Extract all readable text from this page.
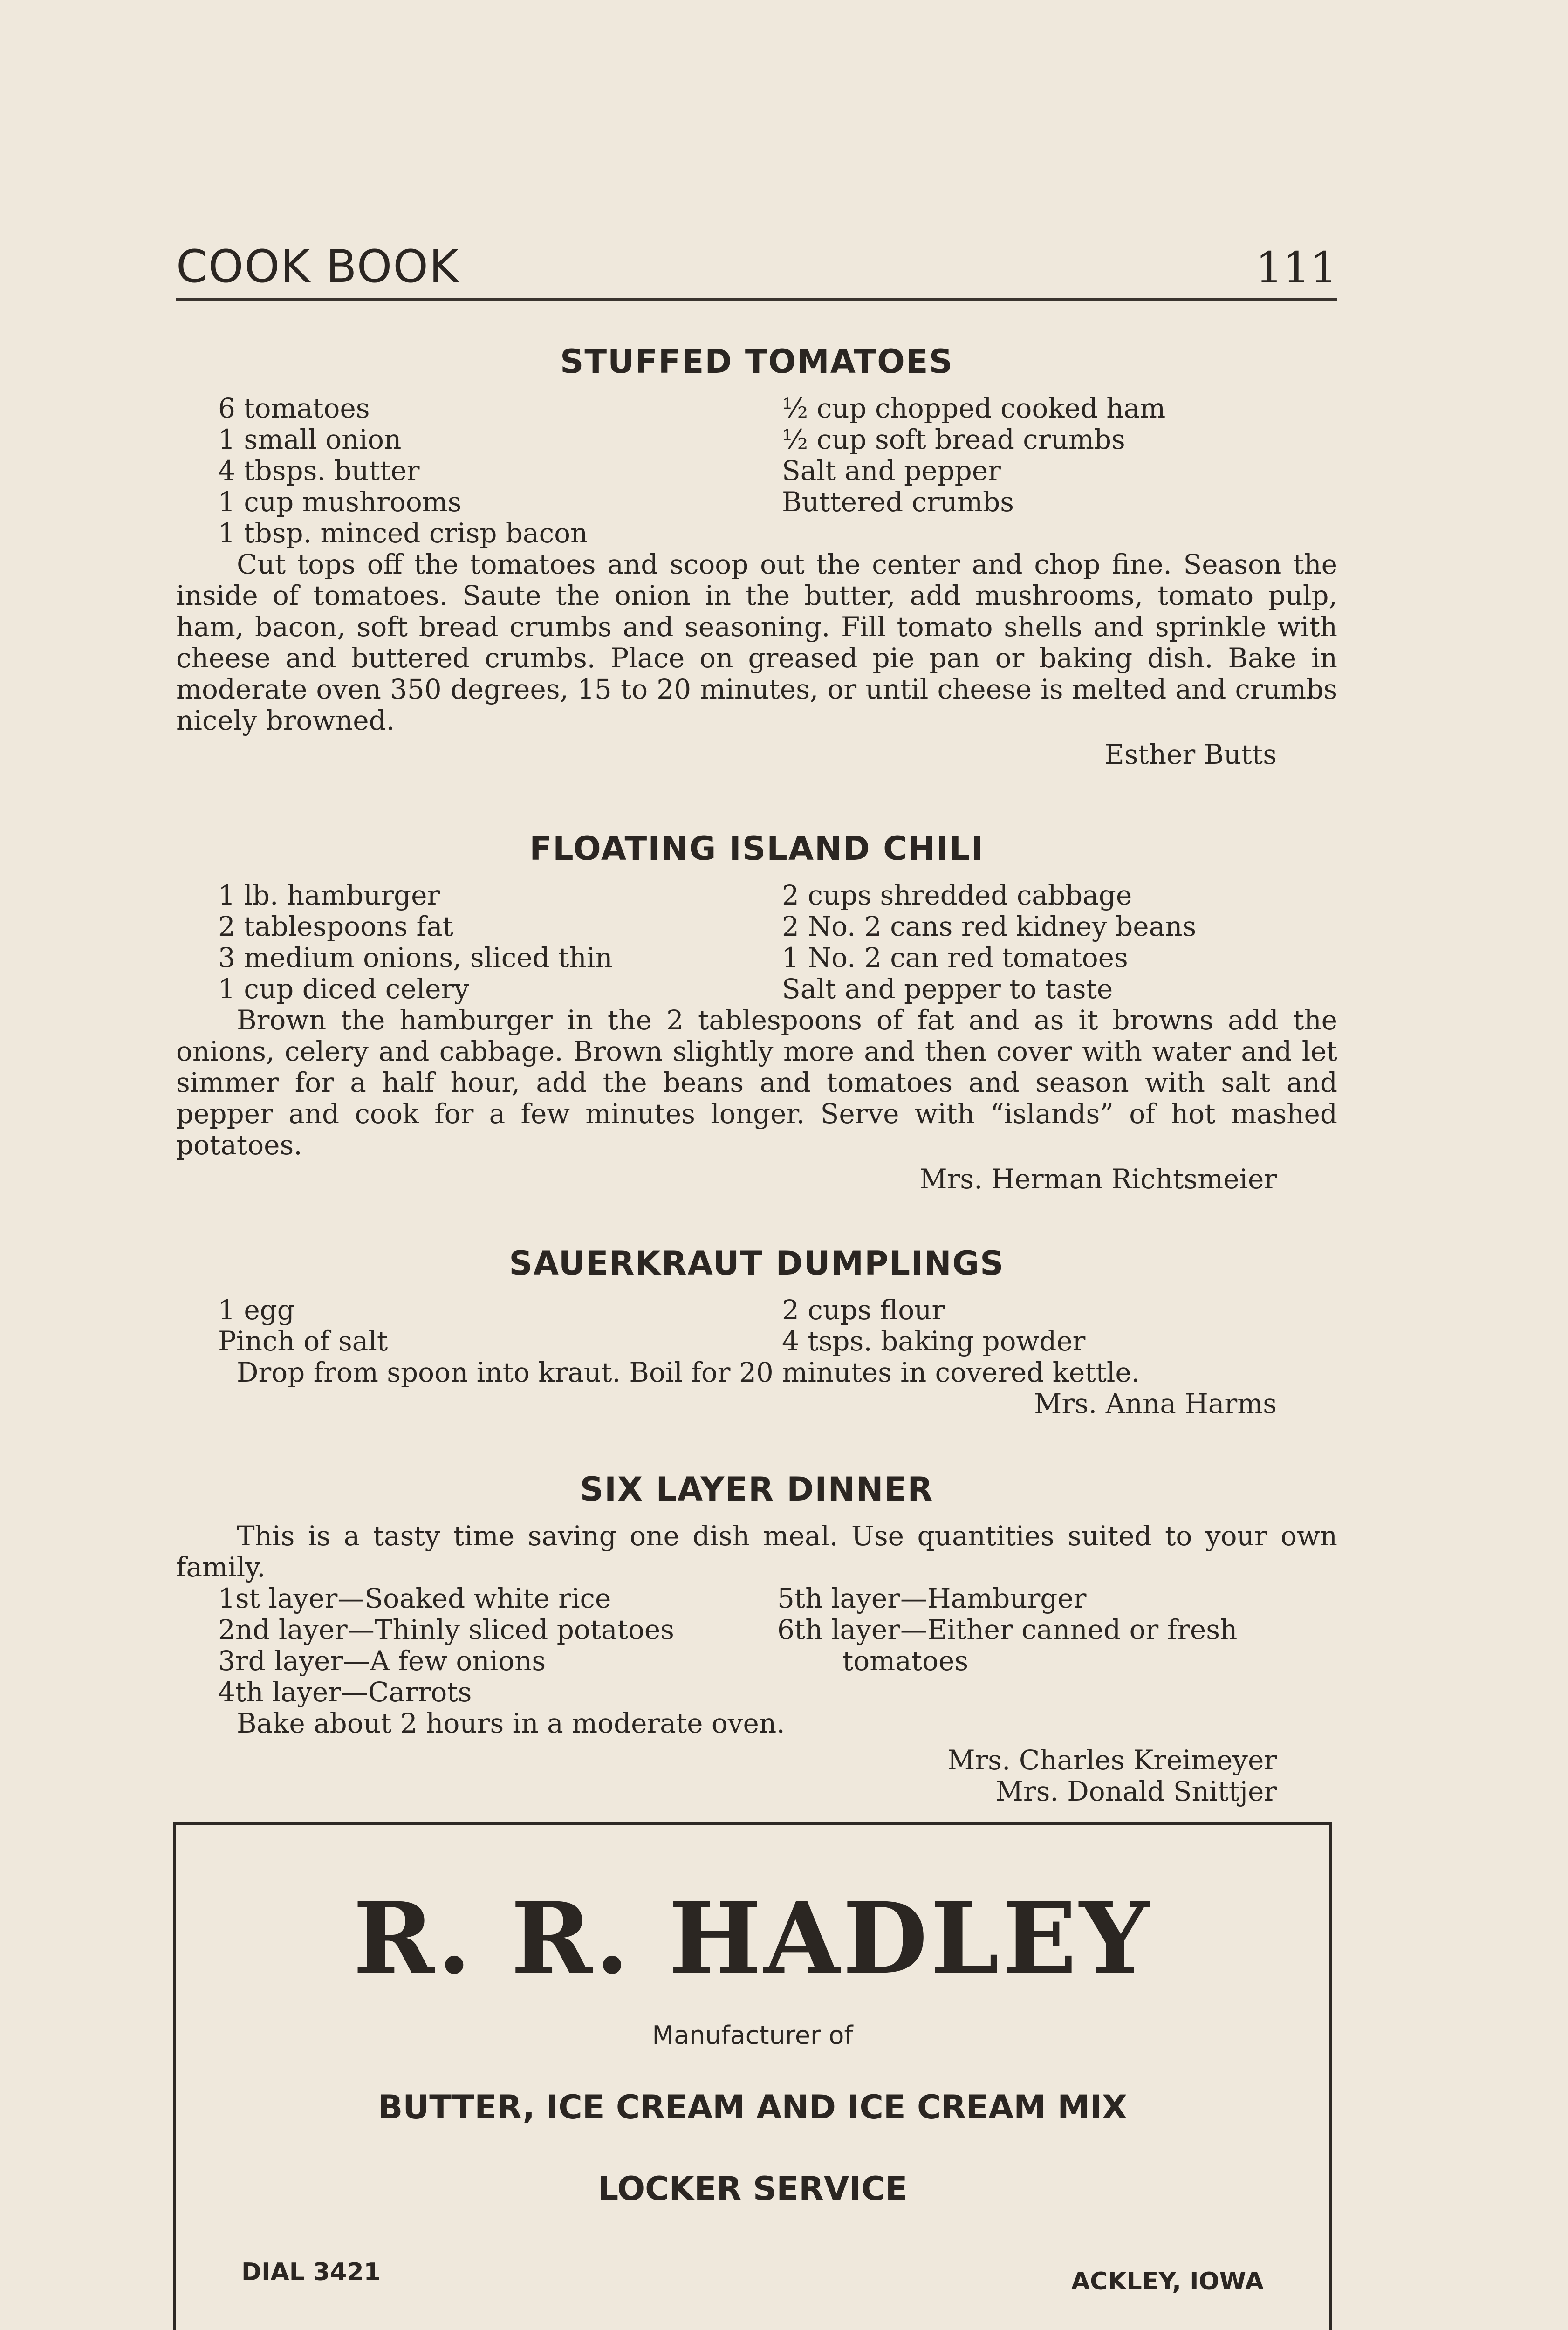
COOK BOOK	111
STUFFED TOMATOES
6 tomatoes
1 small onion
4 tbsps. butter
1 cup mushrooms
1 tbsp. minced crisp bacon
½ cup chopped cooked ham
½ cup soft bread crumbs
Salt and pepper
Buttered crumbs
Cut tops off the tomatoes and scoop out the center and chop fine. Season the inside of tomatoes. Saute the onion in the butter, add mushrooms, tomato pulp, ham, bacon, soft bread crumbs and seasoning. Fill tomato shells and sprinkle with cheese and buttered crumbs. Place on greased pie pan or baking dish. Bake in moderate oven 350 degrees, 15 to 20 minutes, or until cheese is melted and crumbs nicely browned.
Esther Butts
FLOATING ISLAND CHILI
1 lb. hamburger
2 tablespoons fat
3 medium onions, sliced thin
1 cup diced celery
2 cups shredded cabbage
2 No. 2 cans red kidney beans
1 No. 2 can red tomatoes
Salt and pepper to taste
Brown the hamburger in the 2 tablespoons of fat and as it browns add the onions, celery and cabbage. Brown slightly more and then cover with water and let simmer for a half hour, add the beans and tomatoes and season with salt and pepper and cook for a few minutes longer. Serve with “islands” of hot mashed potatoes.
Mrs. Herman Richtsmeier
SAUERKRAUT DUMPLINGS
1 egg
Pinch of salt
2 cups flour
4 tsps. baking powder
Drop from spoon into kraut. Boil for 20 minutes in covered kettle.
Mrs. Anna Harms
SIX LAYER DINNER
This is a tasty time saving one dish meal. Use quantities suited to your own family.
1st layer—Soaked white rice
2nd layer—Thinly sliced potatoes
3rd layer—A few onions
4th layer—Carrots
5th layer—Hamburger
6th layer—Either canned or fresh
tomatoes
Bake about 2 hours in a moderate oven.
Mrs. Charles Kreimeyer
Mrs. Donald Snittjer
R. R. HADLEY
Manufacturer of
BUTTER, ICE CREAM AND ICE CREAM MIX
LOCKER SERVICE
DIAL 3421	ACKLEY, IOWA
